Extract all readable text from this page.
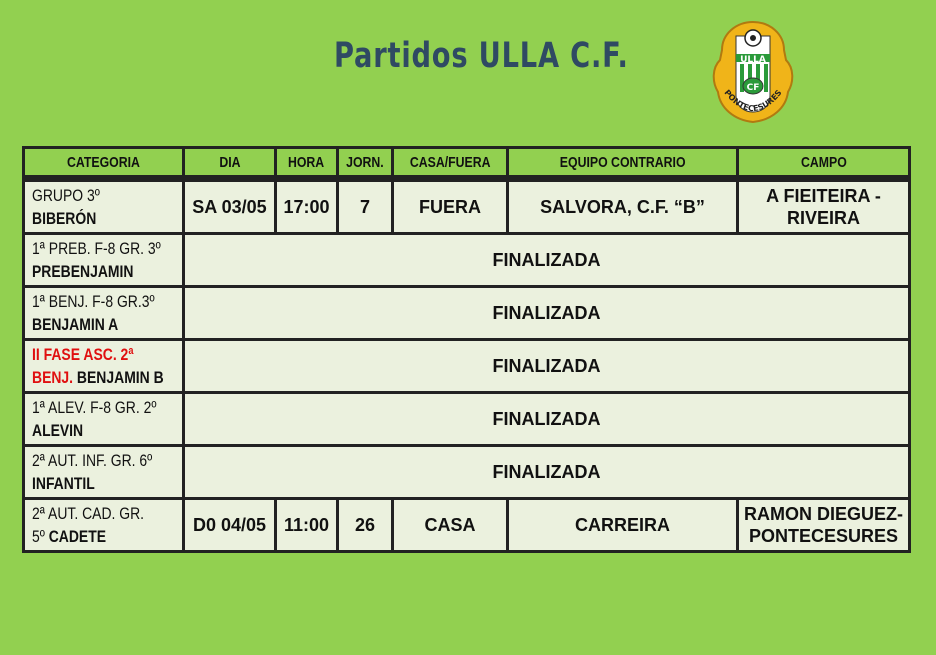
Partidos ULLA C.F.	ULLA
CF
PONTECESURES
CATEGORIA	DIA	HORA	JORN.	CASA/FUERA	EQUIPO CONTRARIO	CAMPO
GRUPO 3º
BIBERÓN	SA 03/05	17:00	7	FUERA	SALVORA, C.F. “B”	A FIEITEIRA - RIVEIRA
1ª PREB. F-8 GR. 3º
PREBENJAMIN	FINALIZADA					
1ª BENJ. F-8 GR.3º
BENJAMIN A	FINALIZADA					
II FASE ASC. 2ª
BENJ. BENJAMIN B	FINALIZADA					
1ª ALEV. F-8 GR. 2º
ALEVIN	FINALIZADA					
2ª AUT. INF. GR. 6º
INFANTIL	FINALIZADA					
2ª AUT. CAD. GR.
5º CADETE	D0 04/05	11:00	26	CASA	CARREIRA	RAMON DIEGUEZ-PONTECESURES
